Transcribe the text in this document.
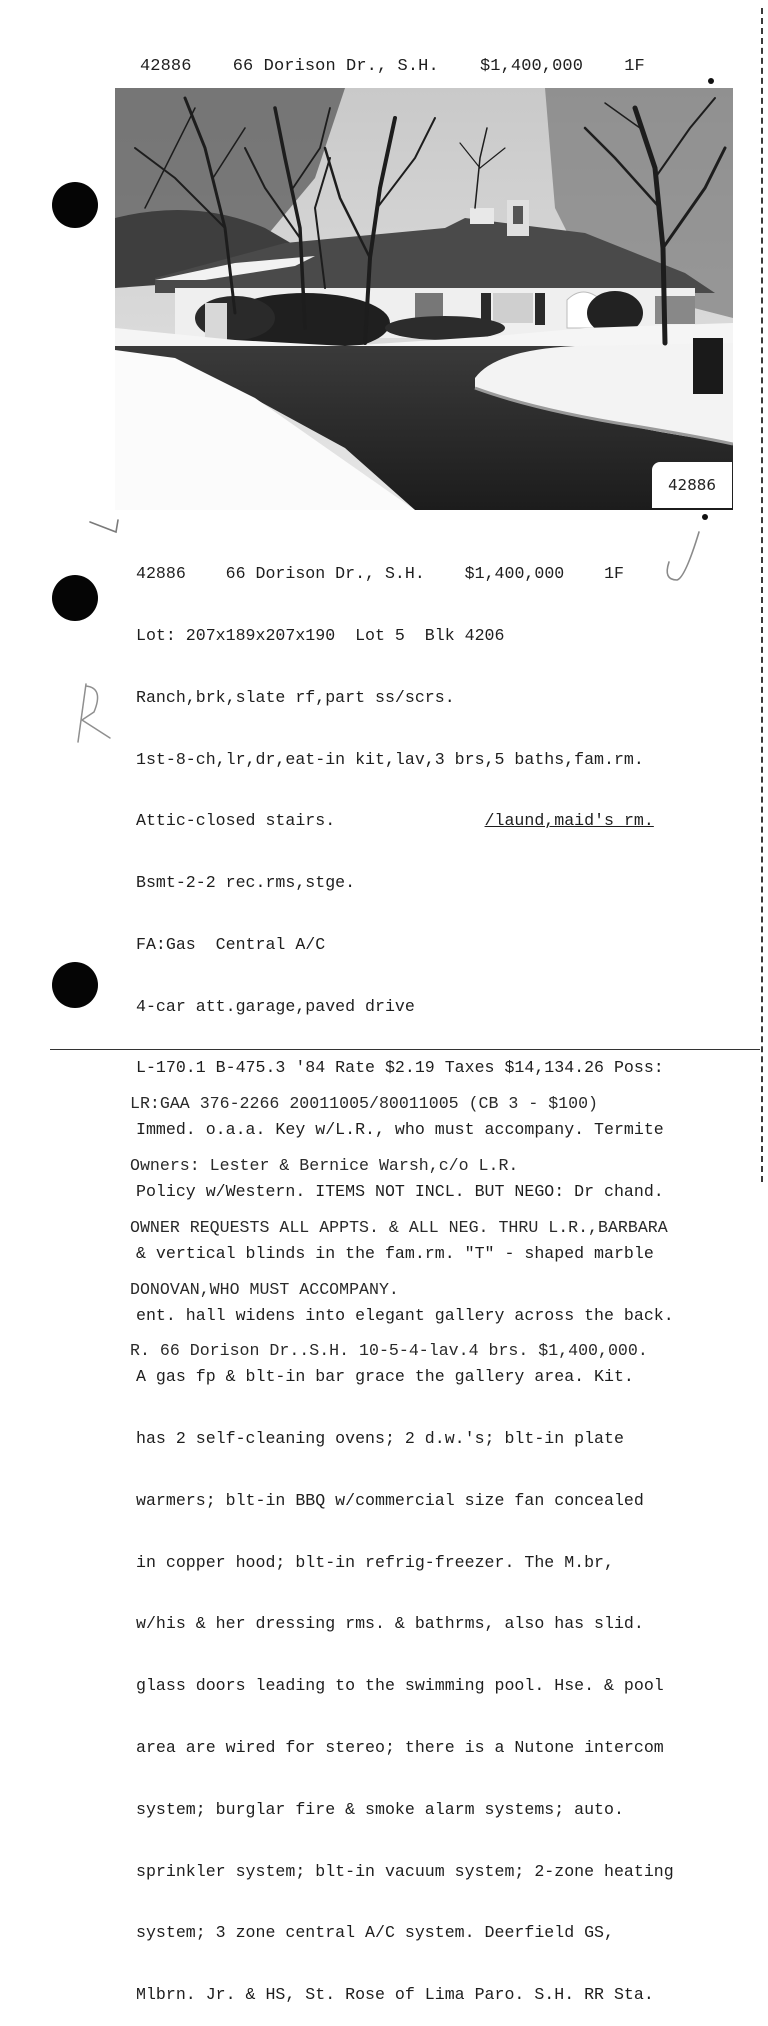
42886 66 Dorison Dr., S.H. $1,400,000 1F
42886

42886 66 Dorison Dr., S.H. $1,400,000 1F

Lot: 207x189x207x190  Lot 5  Blk 4206

Ranch,brk,slate rf,part ss/scrs.

1st-8-ch,lr,dr,eat-in kit,lav,3 brs,5 baths,fam.rm.

Attic-closed stairs.	/laund,maid's rm.

Bsmt-2-2 rec.rms,stge.

FA:Gas  Central A/C

4-car att.garage,paved drive

L-170.1 B-475.3 '84 Rate $2.19 Taxes $14,134.26 Poss:

Immed. o.a.a. Key w/L.R., who must accompany. Termite

Policy w/Western. ITEMS NOT INCL. BUT NEGO: Dr chand.

& vertical blinds in the fam.rm. "T" - shaped marble

ent. hall widens into elegant gallery across the back.

A gas fp & blt-in bar grace the gallery area. Kit.

has 2 self-cleaning ovens; 2 d.w.'s; blt-in plate

warmers; blt-in BBQ w/commercial size fan concealed

in copper hood; blt-in refrig-freezer. The M.br,

w/his & her dressing rms. & bathrms, also has slid.

glass doors leading to the swimming pool. Hse. & pool

area are wired for stereo; there is a Nutone intercom

system; burglar fire & smoke alarm systems; auto.

sprinkler system; blt-in vacuum system; 2-zone heating

system; 3 zone central A/C system. Deerfield GS,

Mlbrn. Jr. & HS, St. Rose of Lima Paro. S.H. RR Sta.

LR:GAA 376-2266 20011005/80011005 (CB 3 - $100)

Owners: Lester & Bernice Warsh,c/o L.R.

OWNER REQUESTS ALL APPTS. & ALL NEG. THRU L.R.,BARBARA

DONOVAN,WHO MUST ACCOMPANY.

R. 66 Dorison Dr..S.H. 10-5-4-lav.4 brs. $1,400,000.
